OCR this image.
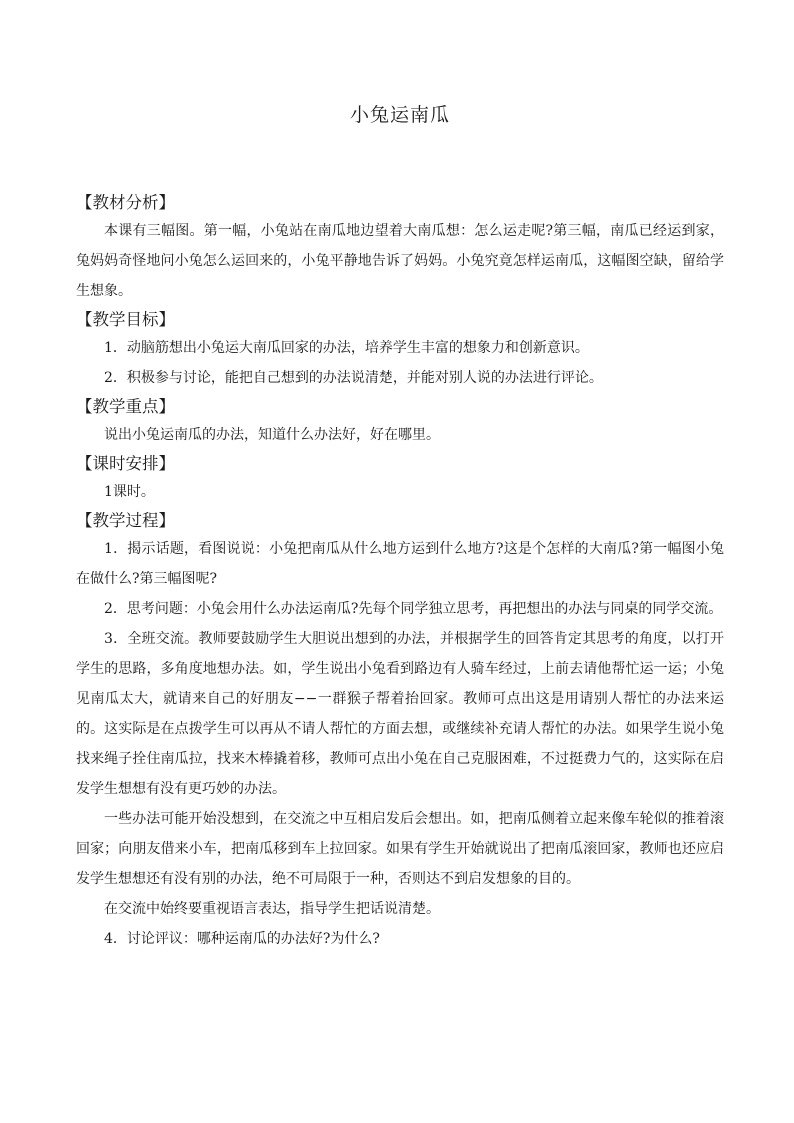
小兔运南瓜
【教材分析】

本课有三幅图。第一幅，小兔站在南瓜地边望着大南瓜想：怎么运走呢?第三幅，南瓜已经运到家，兔妈妈奇怪地问小兔怎么运回来的，小兔平静地告诉了妈妈。小兔究竟怎样运南瓜，这幅图空缺，留给学生想象。

【教学目标】

1．动脑筋想出小兔运大南瓜回家的办法，培养学生丰富的想象力和创新意识。

2．积极参与讨论，能把自己想到的办法说清楚，并能对别人说的办法进行评论。

【教学重点】

说出小兔运南瓜的办法，知道什么办法好，好在哪里。

【课时安排】

1课时。

【教学过程】

1．揭示话题，看图说说：小兔把南瓜从什么地方运到什么地方?这是个怎样的大南瓜?第一幅图小兔在做什么?第三幅图呢?

2．思考问题：小兔会用什么办法运南瓜?先每个同学独立思考，再把想出的办法与同桌的同学交流。

3．全班交流。教师要鼓励学生大胆说出想到的办法，并根据学生的回答肯定其思考的角度，以打开学生的思路，多角度地想办法。如，学生说出小兔看到路边有人骑车经过，上前去请他帮忙运一运；小兔见南瓜太大，就请来自己的好朋友−−一群猴子帮着抬回家。教师可点出这是用请别人帮忙的办法来运的。这实际是在点拨学生可以再从不请人帮忙的方面去想，或继续补充请人帮忙的办法。如果学生说小兔找来绳子拴住南瓜拉，找来木棒撬着移，教师可点出小兔在自己克服困难，不过挺费力气的，这实际在启发学生想想有没有更巧妙的办法。

一些办法可能开始没想到，在交流之中互相启发后会想出。如，把南瓜侧着立起来像车轮似的推着滚回家；向朋友借来小车，把南瓜移到车上拉回家。如果有学生开始就说出了把南瓜滚回家，教师也还应启发学生想想还有没有别的办法，绝不可局限于一种，否则达不到启发想象的目的。

在交流中始终要重视语言表达，指导学生把话说清楚。

4．讨论评议：哪种运南瓜的办法好?为什么?
